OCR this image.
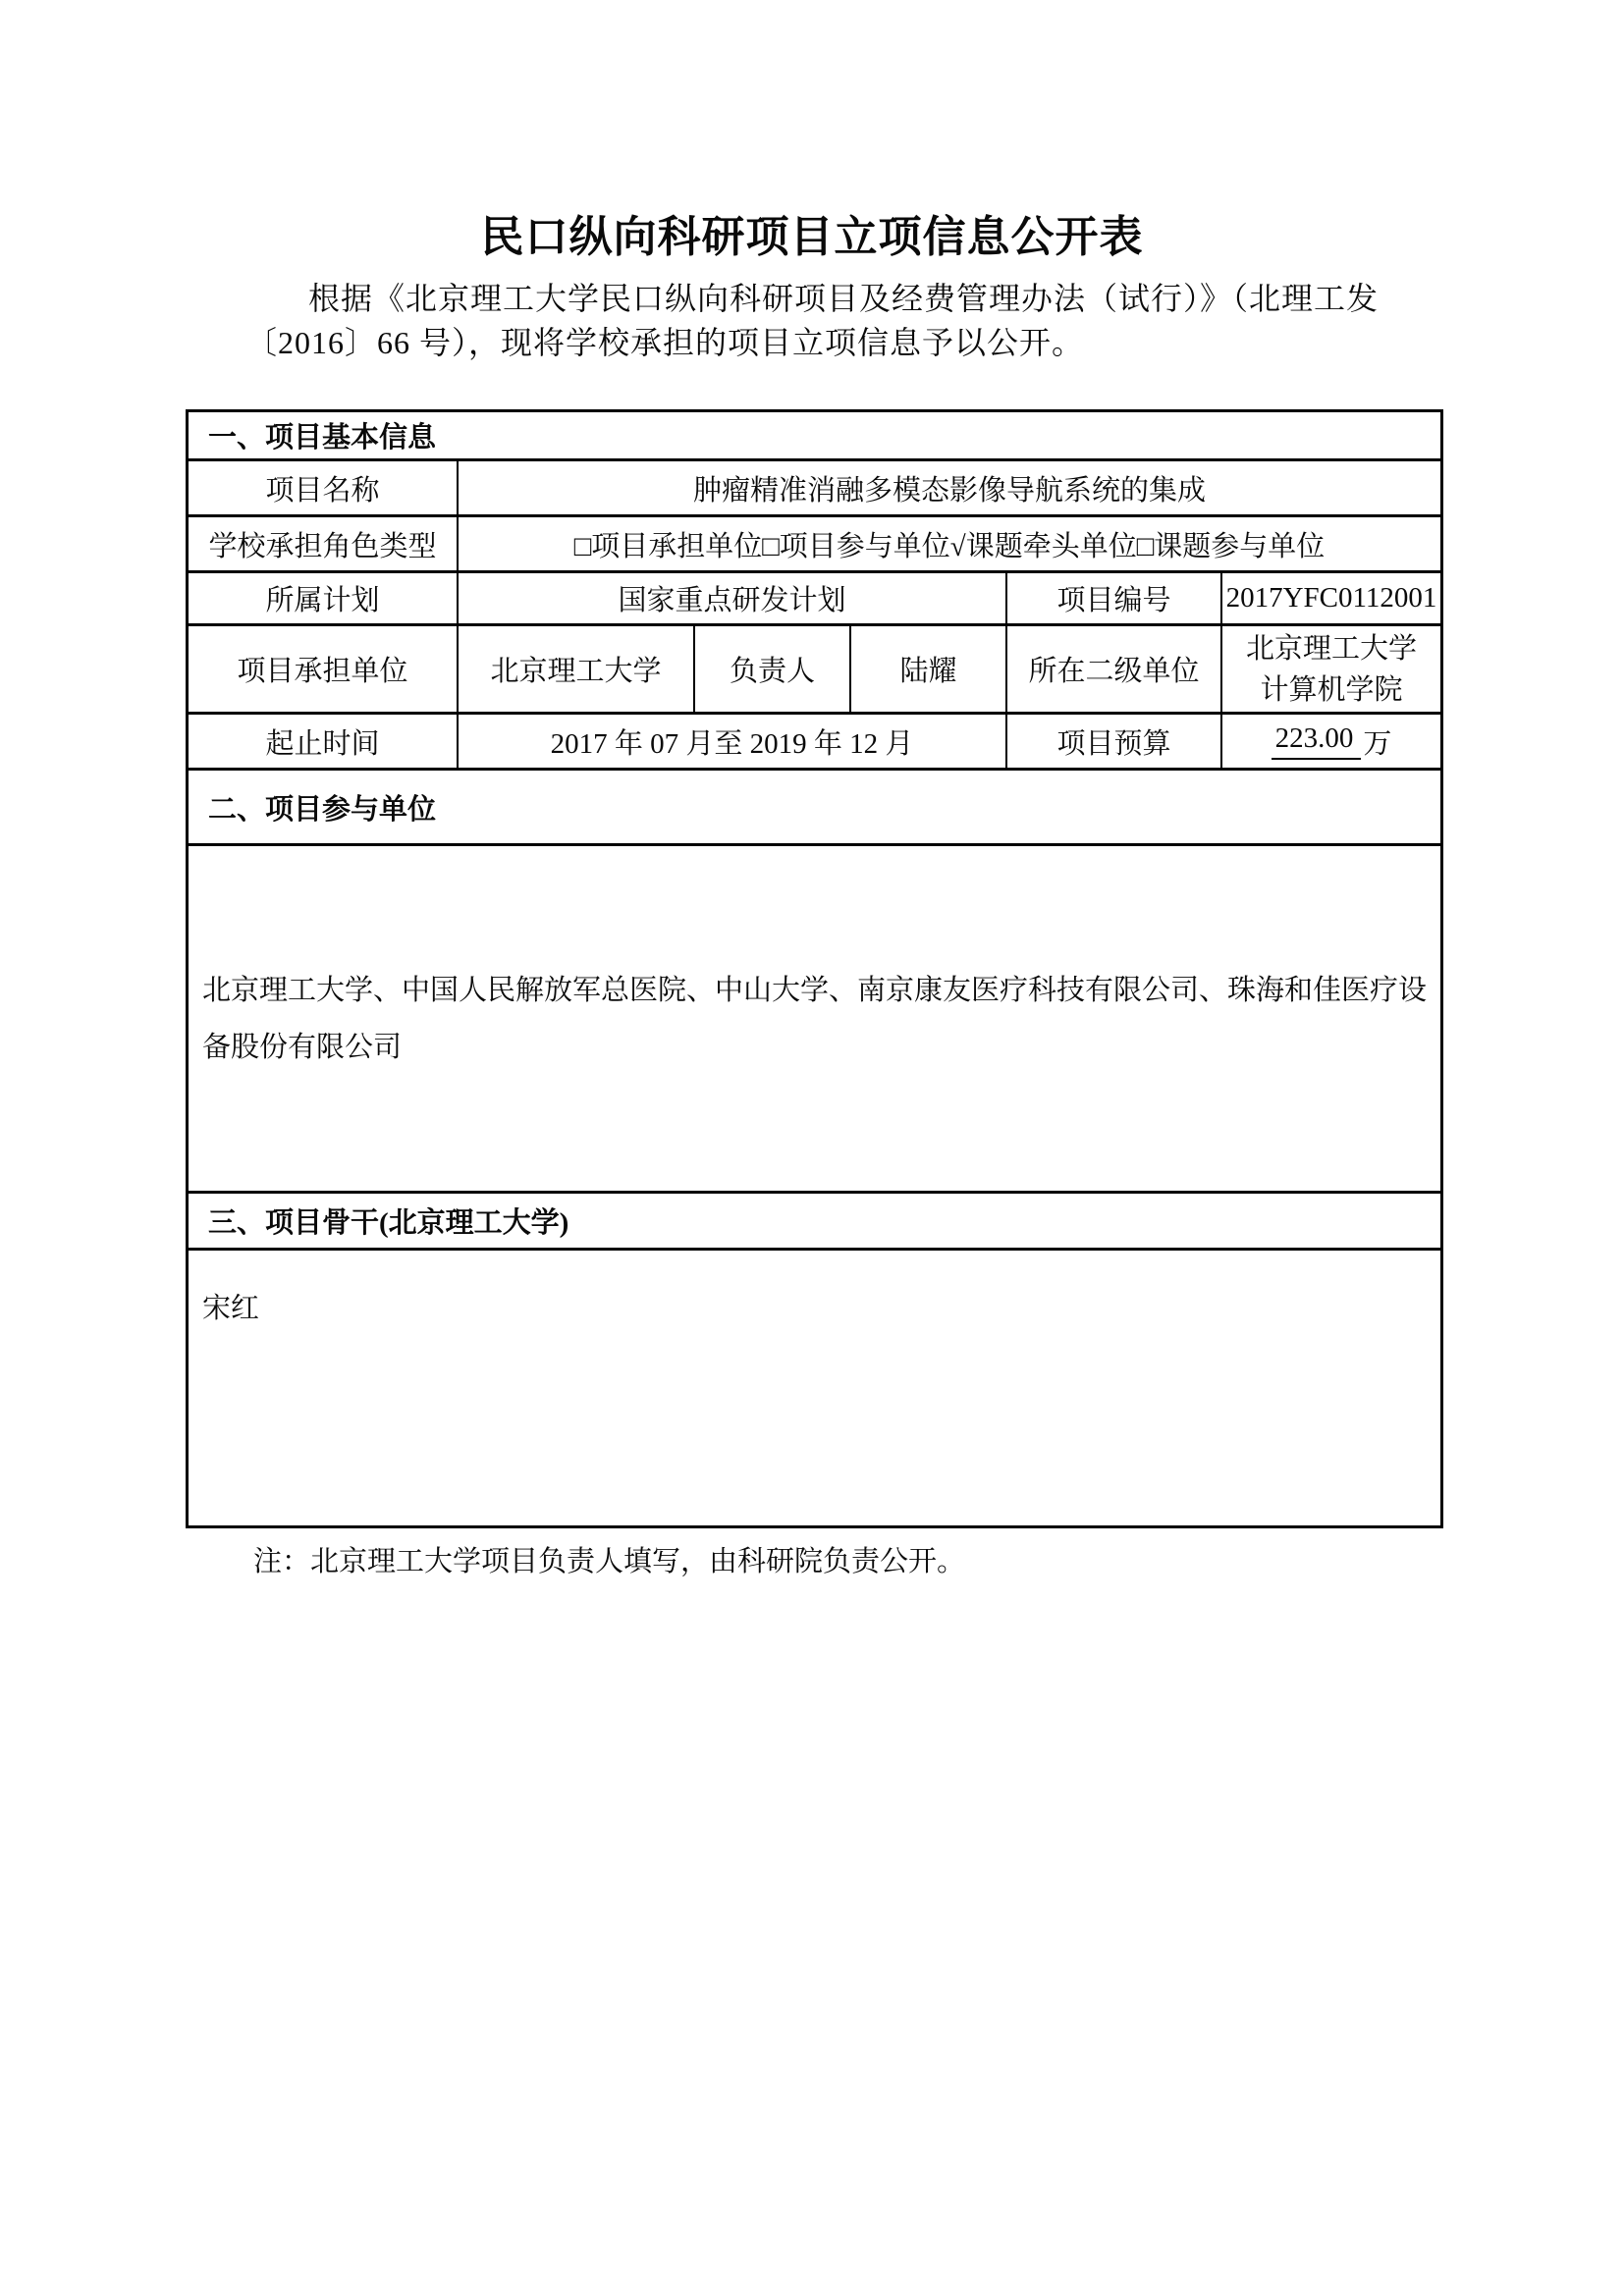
民口纵向科研项目立项信息公开表
根据《北京理工大学民口纵向科研项目及经费管理办法（试行）》（北理工发
〔2016〕66 号），现将学校承担的项目立项信息予以公开。
一、项目基本信息
项目名称	肿瘤精准消融多模态影像导航系统的集成
学校承担角色类型	□项目承担单位□项目参与单位√课题牵头单位□课题参与单位
所属计划	国家重点研发计划	项目编号	2017YFC0112001
项目承担单位	北京理工大学	负责人	陆耀	所在二级单位
北京理工大学
计算机学院
起止时间	2017 年 07 月至 2019 年 12 月	项目预算	223.00 万
二、项目参与单位
北京理工大学、中国人民解放军总医院、中山大学、南京康友医疗科技有限公司、珠海和佳医疗设备股份有限公司
三、项目骨干(北京理工大学)
宋红
注：北京理工大学项目负责人填写，由科研院负责公开。
